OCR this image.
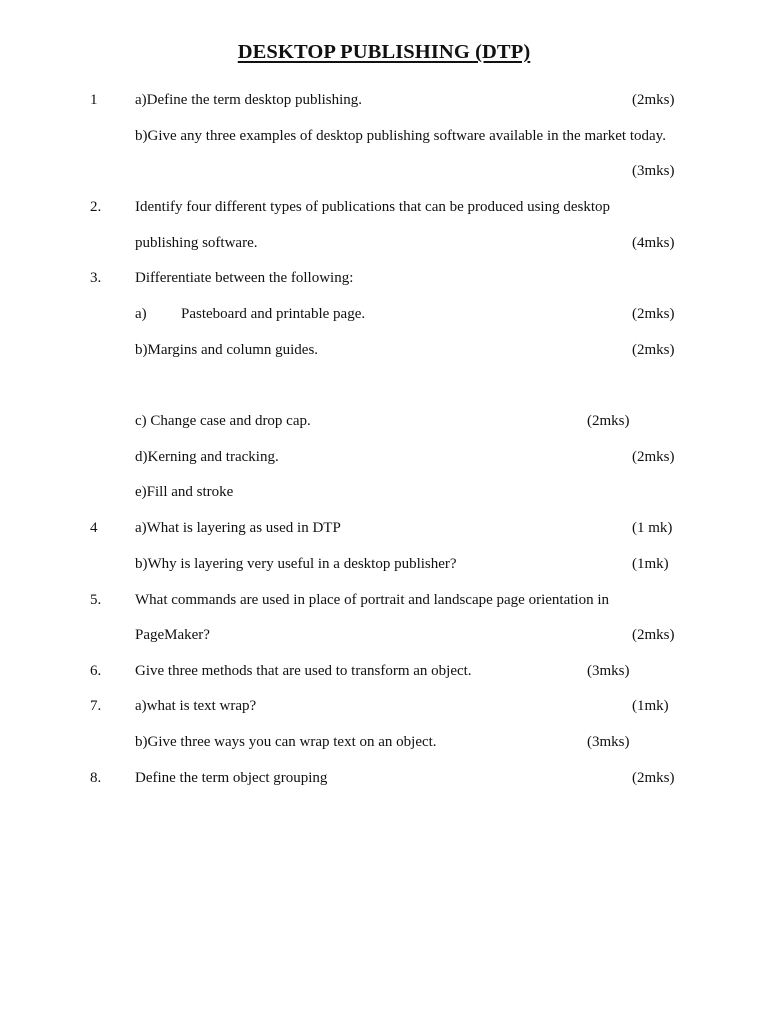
DESKTOP PUBLISHING (DTP)
1	a)Define the term desktop publishing.	(2mks)
b)Give any three examples of desktop publishing software available in the market today.
(3mks)
2. Identify four different types of publications that can be produced using desktop
publishing software.	(4mks)
3. Differentiate between the following:
a) Pasteboard and printable page.	(2mks)
b)Margins and column guides.	(2mks)
c) Change case and drop cap.	(2mks)
d)Kerning and tracking.	(2mks)
e)Fill and stroke
4	a)What is layering as used in DTP	(1 mk)
b)Why is layering very useful in a desktop publisher?	(1mk)
5. What commands are used in place of portrait and landscape page orientation in
PageMaker?	(2mks)
6. Give three methods that are used to transform an object.	(3mks)
7. a)what is text wrap?	(1mk)
b)Give three ways you can wrap text on an object.	(3mks)
8. Define the term object grouping	(2mks)
